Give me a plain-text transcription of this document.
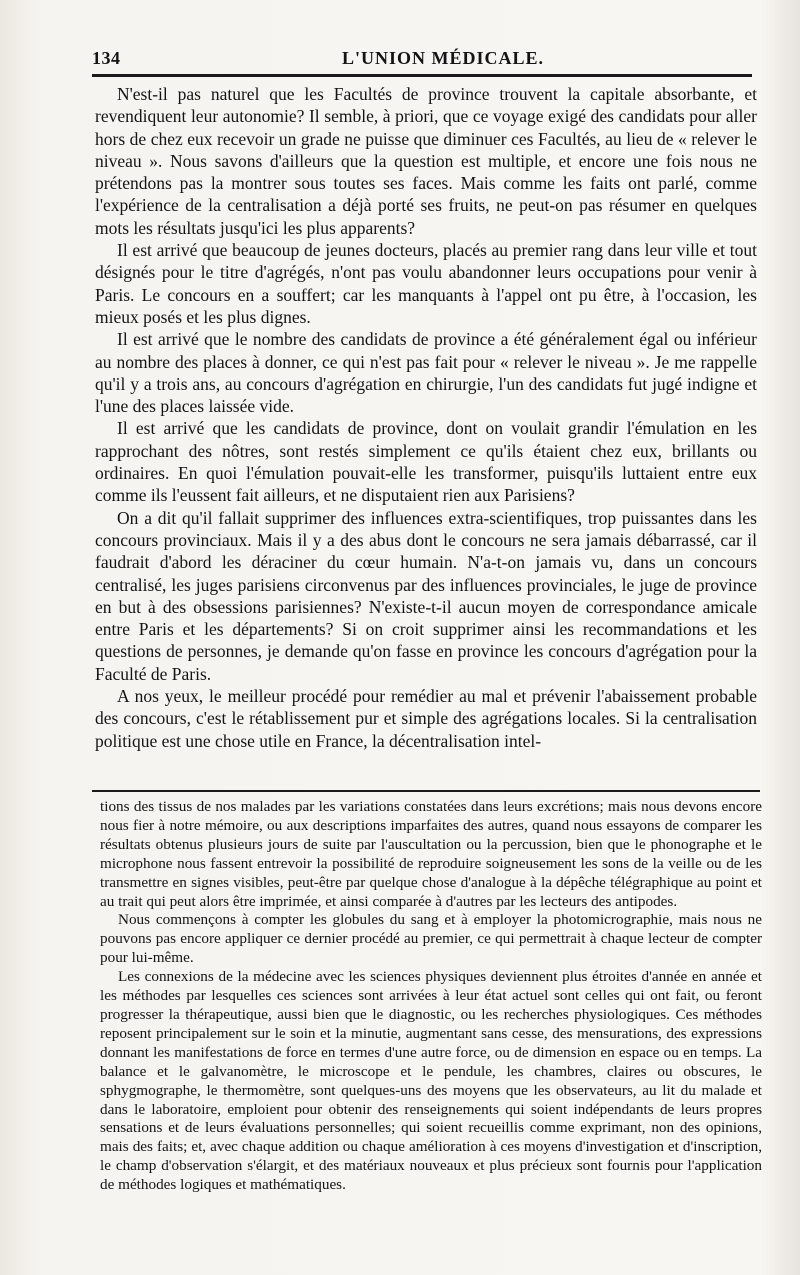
134	L'UNION MÉDICALE.

N'est-il pas naturel que les Facultés de province trouvent la capitale absorbante, et revendiquent leur autonomie? Il semble, à priori, que ce voyage exigé des candidats pour aller hors de chez eux recevoir un grade ne puisse que diminuer ces Facultés, au lieu de « relever le niveau ». Nous savons d'ailleurs que la question est multiple, et encore une fois nous ne prétendons pas la montrer sous toutes ses faces. Mais comme les faits ont parlé, comme l'expérience de la centralisation a déjà porté ses fruits, ne peut-on pas résumer en quelques mots les résultats jusqu'ici les plus apparents?

Il est arrivé que beaucoup de jeunes docteurs, placés au premier rang dans leur ville et tout désignés pour le titre d'agrégés, n'ont pas voulu abandonner leurs occupations pour venir à Paris. Le concours en a souffert; car les manquants à l'appel ont pu être, à l'occasion, les mieux posés et les plus dignes.

Il est arrivé que le nombre des candidats de province a été généralement égal ou inférieur au nombre des places à donner, ce qui n'est pas fait pour « relever le niveau ». Je me rappelle qu'il y a trois ans, au concours d'agrégation en chirurgie, l'un des candidats fut jugé indigne et l'une des places laissée vide.

Il est arrivé que les candidats de province, dont on voulait grandir l'émulation en les rapprochant des nôtres, sont restés simplement ce qu'ils étaient chez eux, brillants ou ordinaires. En quoi l'émulation pouvait-elle les transformer, puisqu'ils luttaient entre eux comme ils l'eussent fait ailleurs, et ne disputaient rien aux Parisiens?

On a dit qu'il fallait supprimer des influences extra-scientifiques, trop puissantes dans les concours provinciaux. Mais il y a des abus dont le concours ne sera jamais débarrassé, car il faudrait d'abord les déraciner du cœur humain. N'a-t-on jamais vu, dans un concours centralisé, les juges parisiens circonvenus par des influences provinciales, le juge de province en but à des obsessions parisiennes? N'existe-t-il aucun moyen de correspondance amicale entre Paris et les départements? Si on croit supprimer ainsi les recommandations et les questions de personnes, je demande qu'on fasse en province les concours d'agrégation pour la Faculté de Paris.

A nos yeux, le meilleur procédé pour remédier au mal et prévenir l'abaissement probable des concours, c'est le rétablissement pur et simple des agrégations locales. Si la centralisation politique est une chose utile en France, la décentralisation intel-

tions des tissus de nos malades par les variations constatées dans leurs excrétions; mais nous devons encore nous fier à notre mémoire, ou aux descriptions imparfaites des autres, quand nous essayons de comparer les résultats obtenus plusieurs jours de suite par l'auscultation ou la percussion, bien que le phonographe et le microphone nous fassent entrevoir la possibilité de reproduire soigneusement les sons de la veille ou de les transmettre en signes visibles, peut-être par quelque chose d'analogue à la dépêche télégraphique au point et au trait qui peut alors être imprimée, et ainsi comparée à d'autres par les lecteurs des antipodes.

Nous commençons à compter les globules du sang et à employer la photomicrographie, mais nous ne pouvons pas encore appliquer ce dernier procédé au premier, ce qui permettrait à chaque lecteur de compter pour lui-même.

Les connexions de la médecine avec les sciences physiques deviennent plus étroites d'année en année et les méthodes par lesquelles ces sciences sont arrivées à leur état actuel sont celles qui ont fait, ou feront progresser la thérapeutique, aussi bien que le diagnostic, ou les recherches physiologiques. Ces méthodes reposent principalement sur le soin et la minutie, augmentant sans cesse, des mensurations, des expressions donnant les manifestations de force en termes d'une autre force, ou de dimension en espace ou en temps. La balance et le galvanomètre, le microscope et le pendule, les chambres, claires ou obscures, le sphygmographe, le thermomètre, sont quelques-uns des moyens que les observateurs, au lit du malade et dans le laboratoire, emploient pour obtenir des renseignements qui soient indépendants de leurs propres sensations et de leurs évaluations personnelles; qui soient recueillis comme exprimant, non des opinions, mais des faits; et, avec chaque addition ou chaque amélioration à ces moyens d'investigation et d'inscription, le champ d'observation s'élargit, et des matériaux nouveaux et plus précieux sont fournis pour l'application de méthodes logiques et mathématiques.
